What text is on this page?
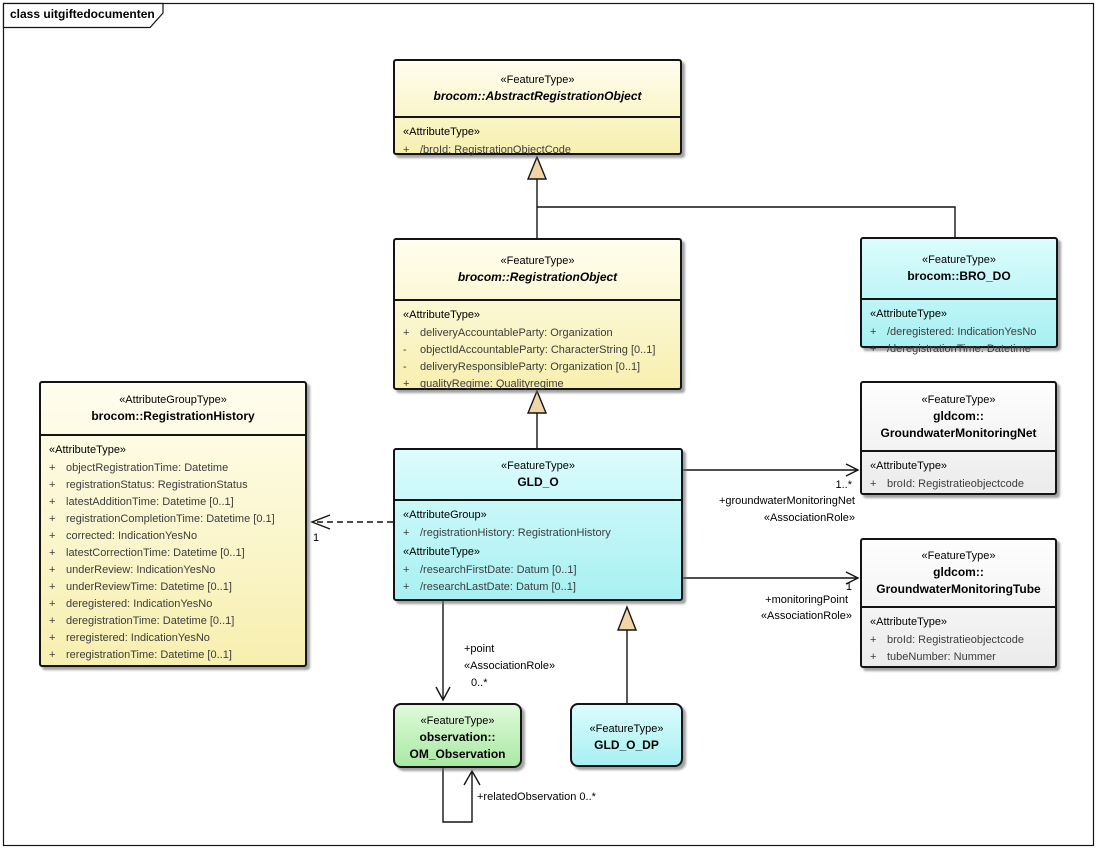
class uitgiftedocumenten
«FeatureType»
brocom::AbstractRegistrationObject
«AttributeType»
+ /broId: RegistrationObjectCode
«FeatureType»
brocom::RegistrationObject
«AttributeType»
+ deliveryAccountableParty: Organization
-	objectIdAccountableParty: CharacterString [0..1]
-	deliveryResponsibleParty: Organization [0..1]
+ qualityRegime: Qualityregime
«FeatureType»
brocom::BRO_DO
«AttributeType»
+ /deregistered: IndicationYesNo
+ /deregistrationTime: Datetime
«AttributeGroupType»
brocom::RegistrationHistory
«AttributeType»
+ objectRegistrationTime: Datetime
+ registrationStatus: RegistrationStatus
+ latestAdditionTime: Datetime [0..1]
+ registrationCompletionTime: Datetime [0.1]
+ corrected: IndicationYesNo
+ latestCorrectionTime: Datetime [0..1]
+ underReview: IndicationYesNo
+ underReviewTime: Datetime [0..1]
+ deregistered: IndicationYesNo
+ deregistrationTime: Datetime [0..1]
+ reregistered: IndicationYesNo
+ reregistrationTime: Datetime [0..1]
«FeatureType»
GLD_O
«AttributeGroup»
+ /registrationHistory: RegistrationHistory
«AttributeType»
+ /researchFirstDate: Datum [0..1]
+ /researchLastDate: Datum [0..1]
«FeatureType»
gldcom::
GroundwaterMonitoringNet
«AttributeType»
+ broId: Registratieobjectcode
«FeatureType»
gldcom::
GroundwaterMonitoringTube
«AttributeType»
+ broId: Registratieobjectcode
+ tubeNumber: Nummer
«FeatureType»
observation::
OM_Observation
«FeatureType»
GLD_O_DP
1..*
+groundwaterMonitoringNet
«AssociationRole»
1
+monitoringPoint
«AssociationRole»
+point
«AssociationRole»
0..*
+relatedObservation 0..*
1
